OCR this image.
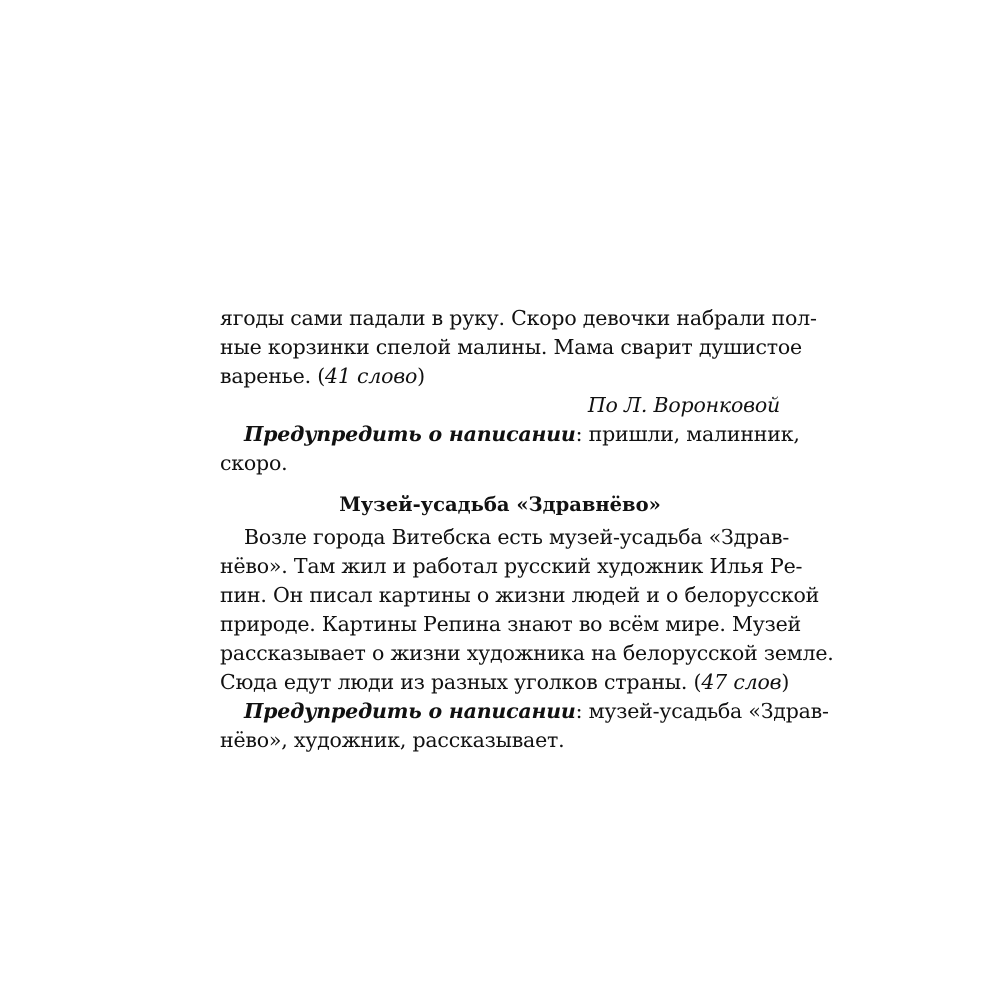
ягоды сами падали в руку. Скоро девочки набрали пол-
ные корзинки спелой малины. Мама сварит душистое
варенье. (41 слово)
По Л. Воронковой
Предупредить о написании: пришли, малинник,
скоро.
Музей-усадьба «Здравнёво»
Возле города Витебска есть музей-усадьба «Здрав-
нёво». Там жил и работал русский художник Илья Ре-
пин. Он писал картины о жизни людей и о белорусской
природе. Картины Репина знают во всём мире. Музей
рассказывает о жизни художника на белорусской земле.
Сюда едут люди из разных уголков страны. (47 слов)
Предупредить о написании: музей-усадьба «Здрав-
нёво», художник, рассказывает.
